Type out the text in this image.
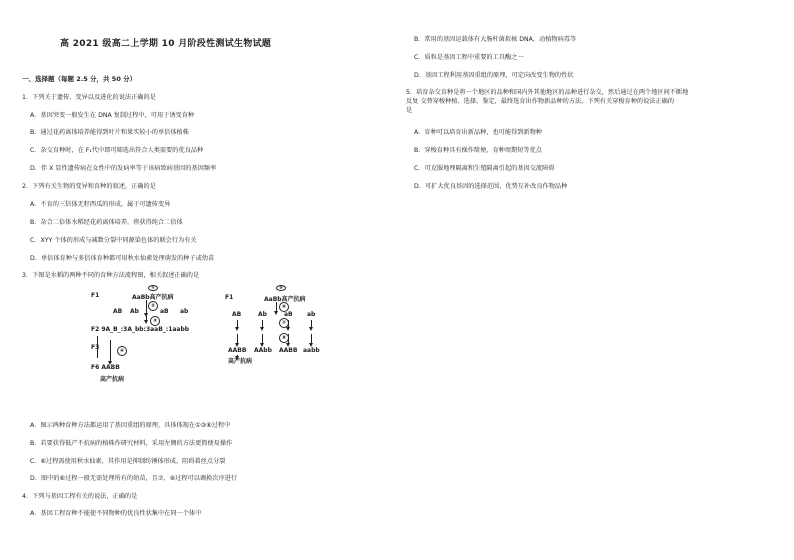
高 2021 级高二上学期 10 月阶段性测试生物试题
一、选择题（每题 2.5 分，共 50 分）
1．下列关于遗传、变异以及进化的说法正确的是
A．基因突变一般发生在 DNA 复制过程中，可用于诱变育种
B．通过花药离体培养能得到叶片和果实较小的单倍体植株
C．杂交育种时，在 F₁代中即可筛选出符合人类需要的优良品种
D．伴 X 显性遗传病在女性中的发病率等于该病致病基因的基因频率
2．下列有关生物的变异和育种的叙述，正确的是
A．不育的三倍体无籽西瓜的形成，属于可遗传变异
B．杂合二倍体水稻经花药离体培养，将获得纯合二倍体
C．XYY 个体的形成与减数分裂中同源染色体的联会行为有关
D．单倍体育种与多倍体育种都可用秋水仙素处理萌发的种子或幼苗
3．下图是水稻的两种不同的育种方法流程图，相关叙述正确的是
A．图示两种育种方法都运用了基因重组的原理，具体体现在①③⑥过程中
B．若要获得低产不抗病的植株作研究材料，采用左侧的方法更简便易操作
C．⑥过程需使用秋水仙素，其作用是抑制纺锤体形成，阻碍着丝点分裂
D．图中的⑥过程一般无需处理所有的幼苗，且⑦、⑧过程可以调换次序进行
4．下列与基因工程有关的说法，正确的是
A．基因工程育种不能使不同物种的优良性状集中在同一个体中
B．常用的基因运载体有大肠杆菌拟核 DNA，动植物病毒等
C．质粒是基因工程中重要的工具酶之一
D．基因工程利用基因重组的原理，可定向改变生物的性状
5．培育杂交育种是将一个地区的品种和国内外其他地区的品种进行杂交，然后通过在两个地区间不断地
反复 交替穿梭种植、选择、鉴定，最终选育出作物新品种的方法。下列有关穿梭育种的说法正确的
是
A．育种可以培育出新品种，也可能得到新物种
B．穿梭育种具有操作简便、育种周期短等优点
C．可克服地理隔离和生殖隔离引起的基因交流障碍
D．可扩大优良基因的选择范围，优势互补改良作物品种
F1	AaBb高产抗病
①
②
AB Ab	aB ab
③
F2 9A_B_:3A_bb:3aaB_:1aabb
F3	④
F6 AABB
高产抗病
F1	AaBb高产抗病
⑤
⑥
AB	Ab	aB ab
⑦
⑧
AABB AAbb AABB aabb
高产抗病
